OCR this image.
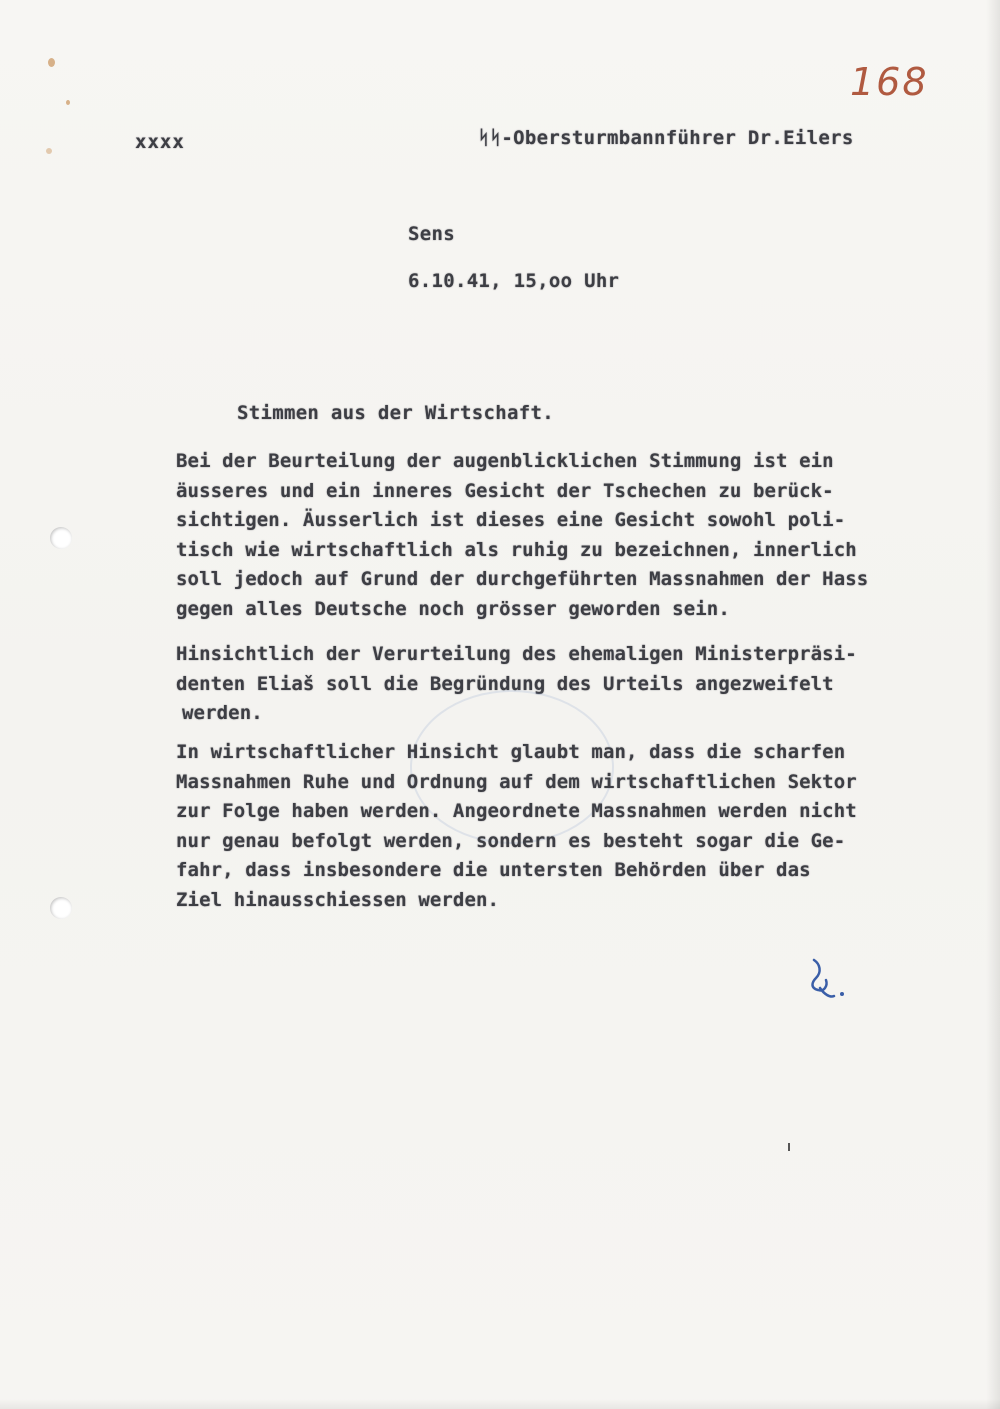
168
xxxx	ᛋᛋ-Obersturmbannführer Dr.Eilers
Sens
6.10.41, 15,oo Uhr
Stimmen aus der Wirtschaft.
Bei der Beurteilung der augenblicklichen Stimmung ist ein
äusseres und ein inneres Gesicht der Tschechen zu berück-
sichtigen. Äusserlich ist dieses eine Gesicht sowohl poli-
tisch wie wirtschaftlich als ruhig zu bezeichnen, innerlich
soll jedoch auf Grund der durchgeführten Massnahmen der Hass
gegen alles Deutsche noch grösser geworden sein.
Hinsichtlich der Verurteilung des ehemaligen Ministerpräsi-
denten Eliaš soll die Begründung des Urteils angezweifelt
werden.
In wirtschaftlicher Hinsicht glaubt man, dass die scharfen
Massnahmen Ruhe und Ordnung auf dem wirtschaftlichen Sektor
zur Folge haben werden. Angeordnete Massnahmen werden nicht
nur genau befolgt werden, sondern es besteht sogar die Ge-
fahr, dass insbesondere die untersten Behörden über das
Ziel hinausschiessen werden.
